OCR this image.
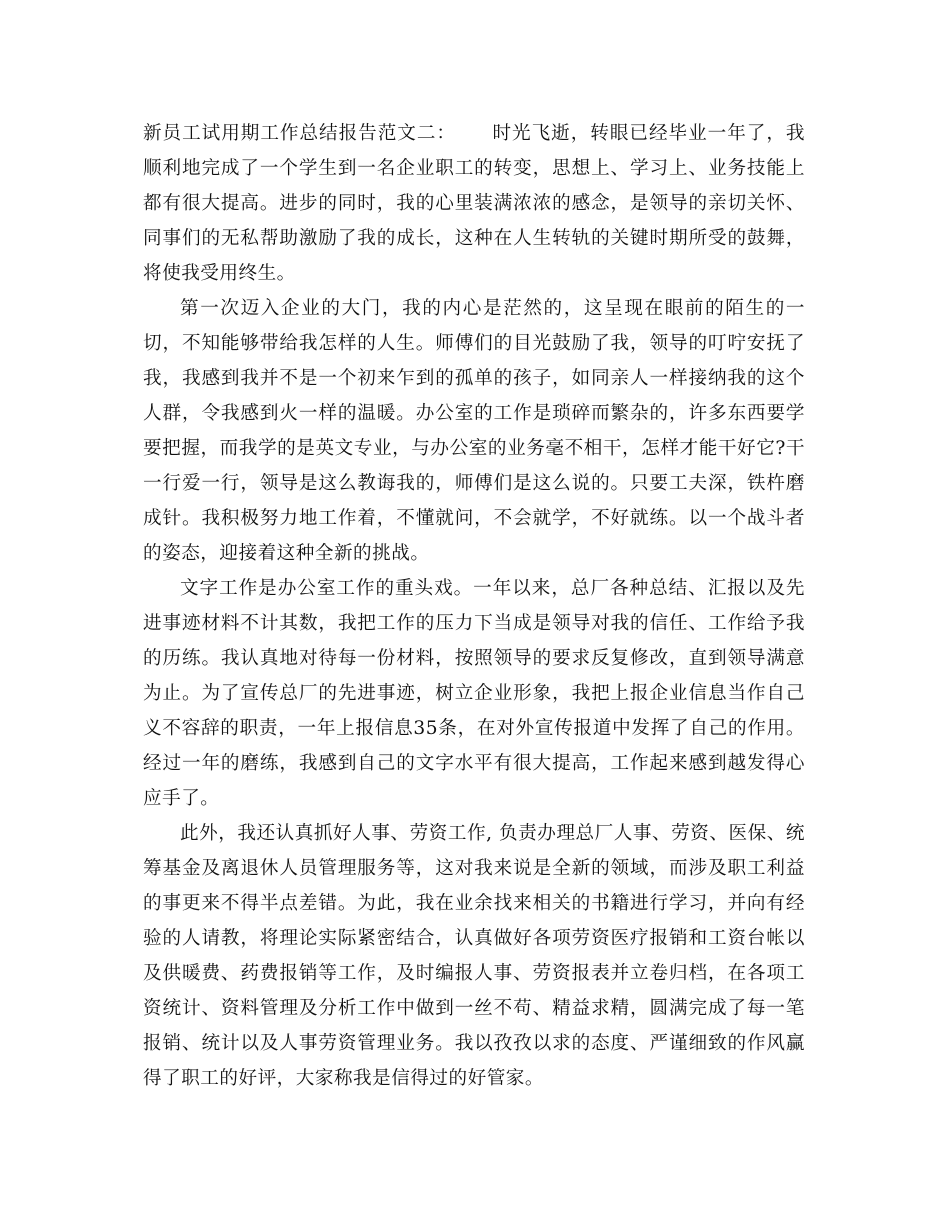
新员工试用期工作总结报告范文二： 时光飞逝，转眼已经毕业一年了，我顺利地完成了一个学生到一名企业职工的转变，思想上、学习上、业务技能上都有很大提高。进步的同时，我的心里装满浓浓的感念，是领导的亲切关怀、同事们的无私帮助激励了我的成长，这种在人生转轨的关键时期所受的鼓舞，将使我受用终生。

第一次迈入企业的大门，我的内心是茫然的，这呈现在眼前的陌生的一切，不知能够带给我怎样的人生。师傅们的目光鼓励了我，领导的叮咛安抚了我，我感到我并不是一个初来乍到的孤单的孩子，如同亲人一样接纳我的这个人群，令我感到火一样的温暖。办公室的工作是琐碎而繁杂的，许多东西要学要把握，而我学的是英文专业，与办公室的业务毫不相干，怎样才能干好它?干一行爱一行，领导是这么教诲我的，师傅们是这么说的。只要工夫深，铁杵磨成针。我积极努力地工作着，不懂就问，不会就学，不好就练。以一个战斗者的姿态，迎接着这种全新的挑战。

文字工作是办公室工作的重头戏。一年以来，总厂各种总结、汇报以及先进事迹材料不计其数，我把工作的压力下当成是领导对我的信任、工作给予我的历练。我认真地对待每一份材料，按照领导的要求反复修改，直到领导满意为止。为了宣传总厂的先进事迹，树立企业形象，我把上报企业信息当作自己义不容辞的职责，一年上报信息35条，在对外宣传报道中发挥了自己的作用。经过一年的磨练，我感到自己的文字水平有很大提高，工作起来感到越发得心应手了。

此外，我还认真抓好人事、劳资工作, 负责办理总厂人事、劳资、医保、统筹基金及离退休人员管理服务等，这对我来说是全新的领域，而涉及职工利益的事更来不得半点差错。为此，我在业余找来相关的书籍进行学习，并向有经验的人请教，将理论实际紧密结合，认真做好各项劳资医疗报销和工资台帐以及供暖费、药费报销等工作，及时编报人事、劳资报表并立卷归档，在各项工资统计、资料管理及分析工作中做到一丝不苟、精益求精，圆满完成了每一笔报销、统计以及人事劳资管理业务。我以孜孜以求的态度、严谨细致的作风赢得了职工的好评，大家称我是信得过的好管家。
